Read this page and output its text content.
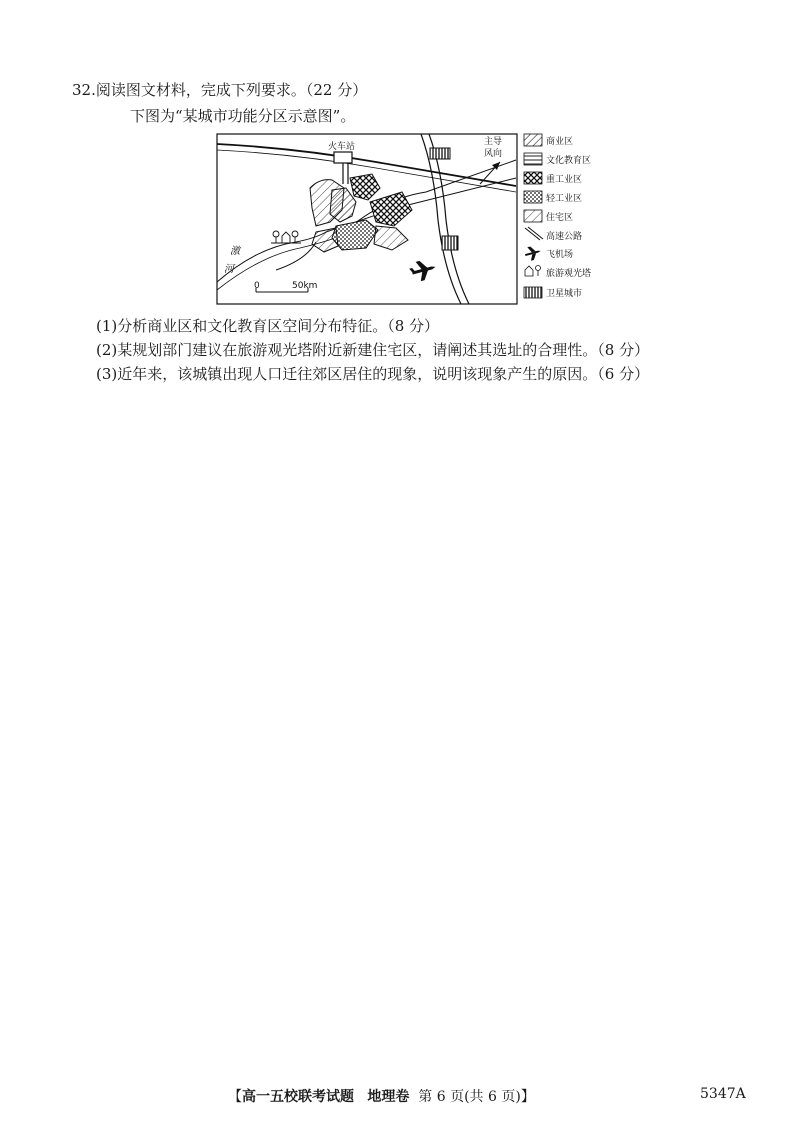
32.阅读图文材料，完成下列要求。（22 分）
下图为“某城市功能分区示意图”。
火车站	主导
风向
激
河
0	50km
商业区
文化教育区
重工业区
轻工业区
住宅区
高速公路
飞机场
旅游观光塔
卫星城市
(1)分析商业区和文化教育区空间分布特征。（8 分）
(2)某规划部门建议在旅游观光塔附近新建住宅区，请阐述其选址的合理性。（8 分）
(3)近年来，该城镇出现人口迁往郊区居住的现象，说明该现象产生的原因。（6 分）
【高一五校联考试题 地理卷 第 6 页(共 6 页)】	5347A
